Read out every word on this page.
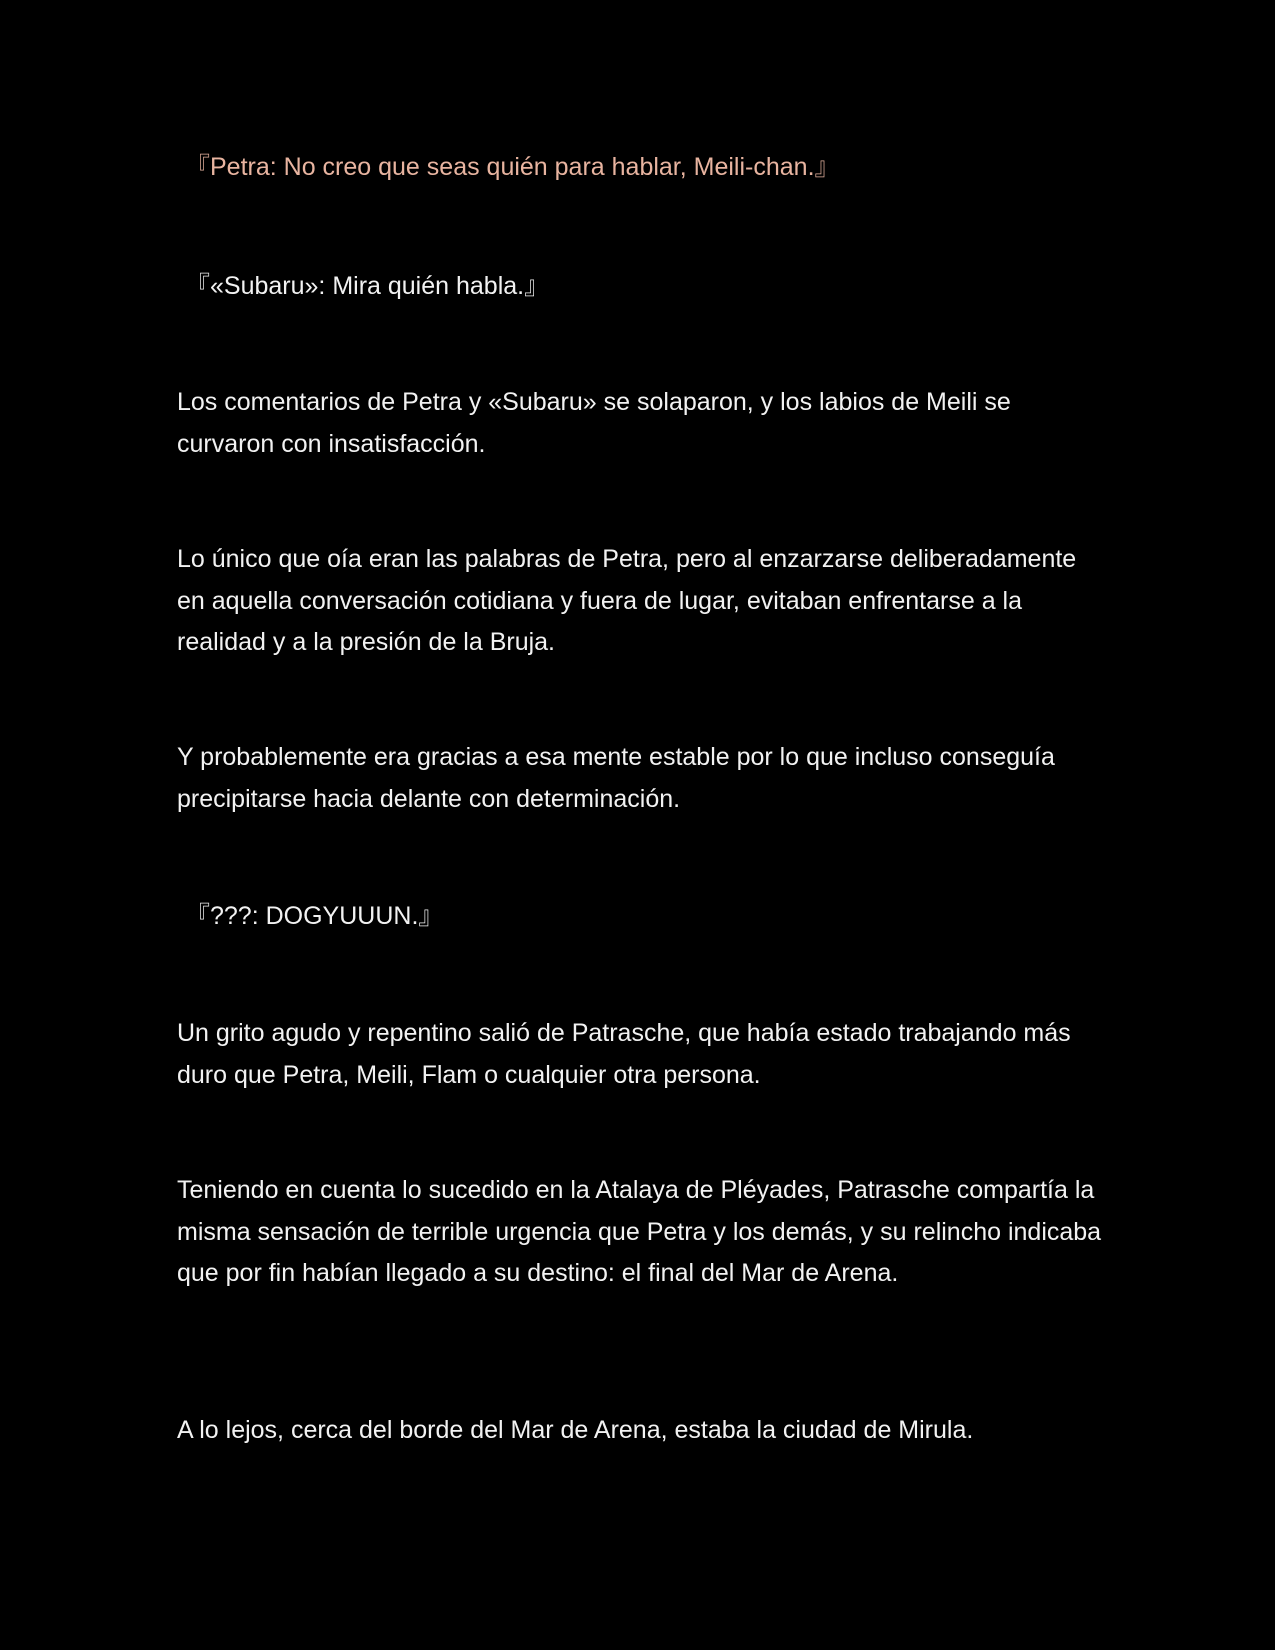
『Petra: No creo que seas quién para hablar, Meili-chan.』

『«Subaru»: Mira quién habla.』

Los comentarios de Petra y «Subaru» se solaparon, y los labios de Meili se curvaron con insatisfacción.

Lo único que oía eran las palabras de Petra, pero al enzarzarse deliberadamente en aquella conversación cotidiana y fuera de lugar, evitaban enfrentarse a la realidad y a la presión de la Bruja.

Y probablemente era gracias a esa mente estable por lo que incluso conseguía precipitarse hacia delante con determinación.

『???: DOGYUUUN.』

Un grito agudo y repentino salió de Patrasche, que había estado trabajando más duro que Petra, Meili, Flam o cualquier otra persona.

Teniendo en cuenta lo sucedido en la Atalaya de Pléyades, Patrasche compartía la misma sensación de terrible urgencia que Petra y los demás, y su relincho indicaba que por fin habían llegado a su destino: el final del Mar de Arena.

A lo lejos, cerca del borde del Mar de Arena, estaba la ciudad de Mirula.
